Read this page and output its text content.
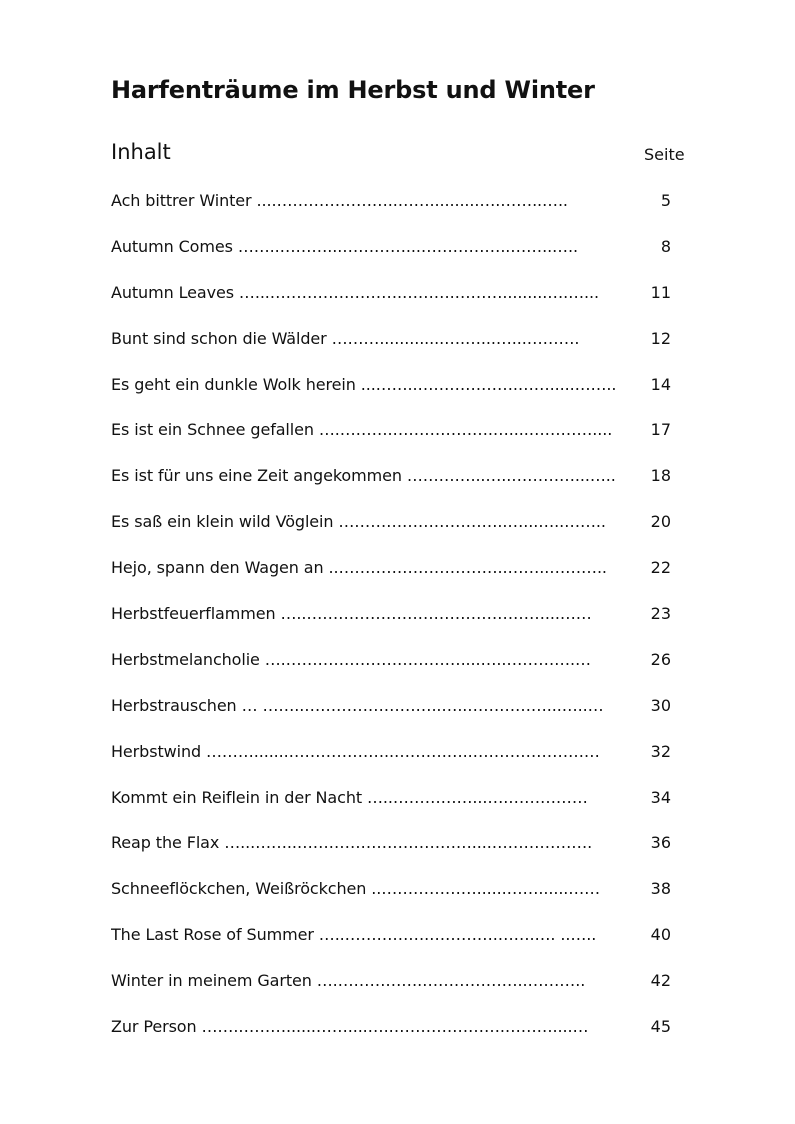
Harfenträume im Herbst und Winter
Inhalt	Seite
Ach bittrer Winter ....…………………..……..........….……..…..	5
Autumn Comes ……..………...…………...……………..……..…..	8
Autumn Leaves …...…………………….……….……….........….…...	11
Bunt sind schon die Wälder ……….............….…...…...……….	12
Es geht ein dunkle Wolk herein ...……..……………….…….....……..	14
Es ist ein Schnee gefallen ….……….……………….…....…………....	17
Es ist für uns eine Zeit angekommen …………...…..…………...…..	18
Es saß ein klein wild Vöglein …………………………..…...…..……..	20
Hejo, spann den Wagen an ..…………………………..……..………..	22
Herbstfeuerflammen …..………………………………………...……	23
Herbstmelancholie ….……………………………....…..………….…	26
Herbstrauschen … ……..……………………..…..……………...…..…	30
Herbstwind ……….......………………..……….…..……………………	32
Kommt ein Reiflein in der Nacht …..……………...….……………	34
Reap the Flax …...……..……………………………....……………….	36
Schneeflöckchen, Weißröckchen ..………………......……......……	38
The Last Rose of Summer …..…………….………….…….…. ..…..	40
Winter in meinem Garten ….…………….………………..………..	42
Zur Person …….………......……....….………………….………....…	45
